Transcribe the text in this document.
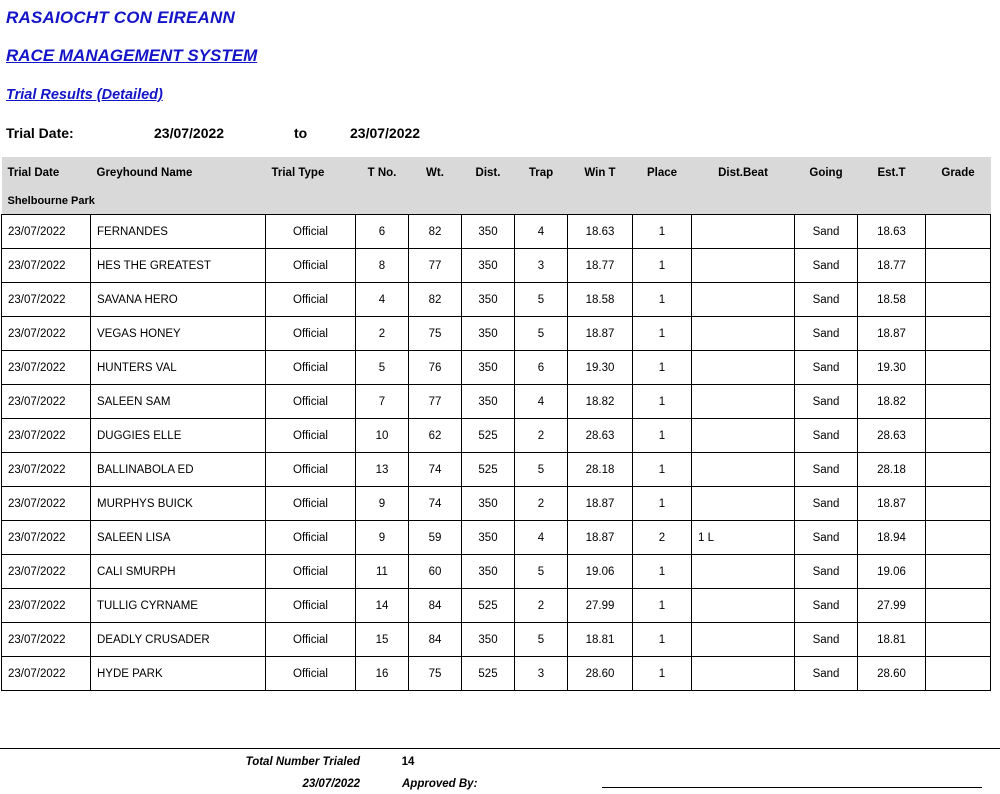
RASAIOCHT CON EIREANN
RACE MANAGEMENT SYSTEM
Trial Results (Detailed)
Trial Date:	23/07/2022	to	23/07/2022
Trial Date	Greyhound Name	Trial Type	T No.	Wt.	Dist.	Trap	Win T	Place	Dist.Beat	Going	Est.T	Grade
Shelbourne Park												
23/07/2022	FERNANDES	Official	6	82	350	4	18.63	1		Sand	18.63	
23/07/2022	HES THE GREATEST	Official	8	77	350	3	18.77	1		Sand	18.77	
23/07/2022	SAVANA HERO	Official	4	82	350	5	18.58	1		Sand	18.58	
23/07/2022	VEGAS HONEY	Official	2	75	350	5	18.87	1		Sand	18.87	
23/07/2022	HUNTERS VAL	Official	5	76	350	6	19.30	1		Sand	19.30	
23/07/2022	SALEEN SAM	Official	7	77	350	4	18.82	1		Sand	18.82	
23/07/2022	DUGGIES ELLE	Official	10	62	525	2	28.63	1		Sand	28.63	
23/07/2022	BALLINABOLA ED	Official	13	74	525	5	28.18	1		Sand	28.18	
23/07/2022	MURPHYS BUICK	Official	9	74	350	2	18.87	1		Sand	18.87	
23/07/2022	SALEEN LISA	Official	9	59	350	4	18.87	2	1 L	Sand	18.94	
23/07/2022	CALI SMURPH	Official	11	60	350	5	19.06	1		Sand	19.06	
23/07/2022	TULLIG CYRNAME	Official	14	84	525	2	27.99	1		Sand	27.99	
23/07/2022	DEADLY CRUSADER	Official	15	84	350	5	18.81	1		Sand	18.81	
23/07/2022	HYDE PARK	Official	16	75	525	3	28.60	1		Sand	28.60	
Total Number Trialed	14
23/07/2022	Approved By:
